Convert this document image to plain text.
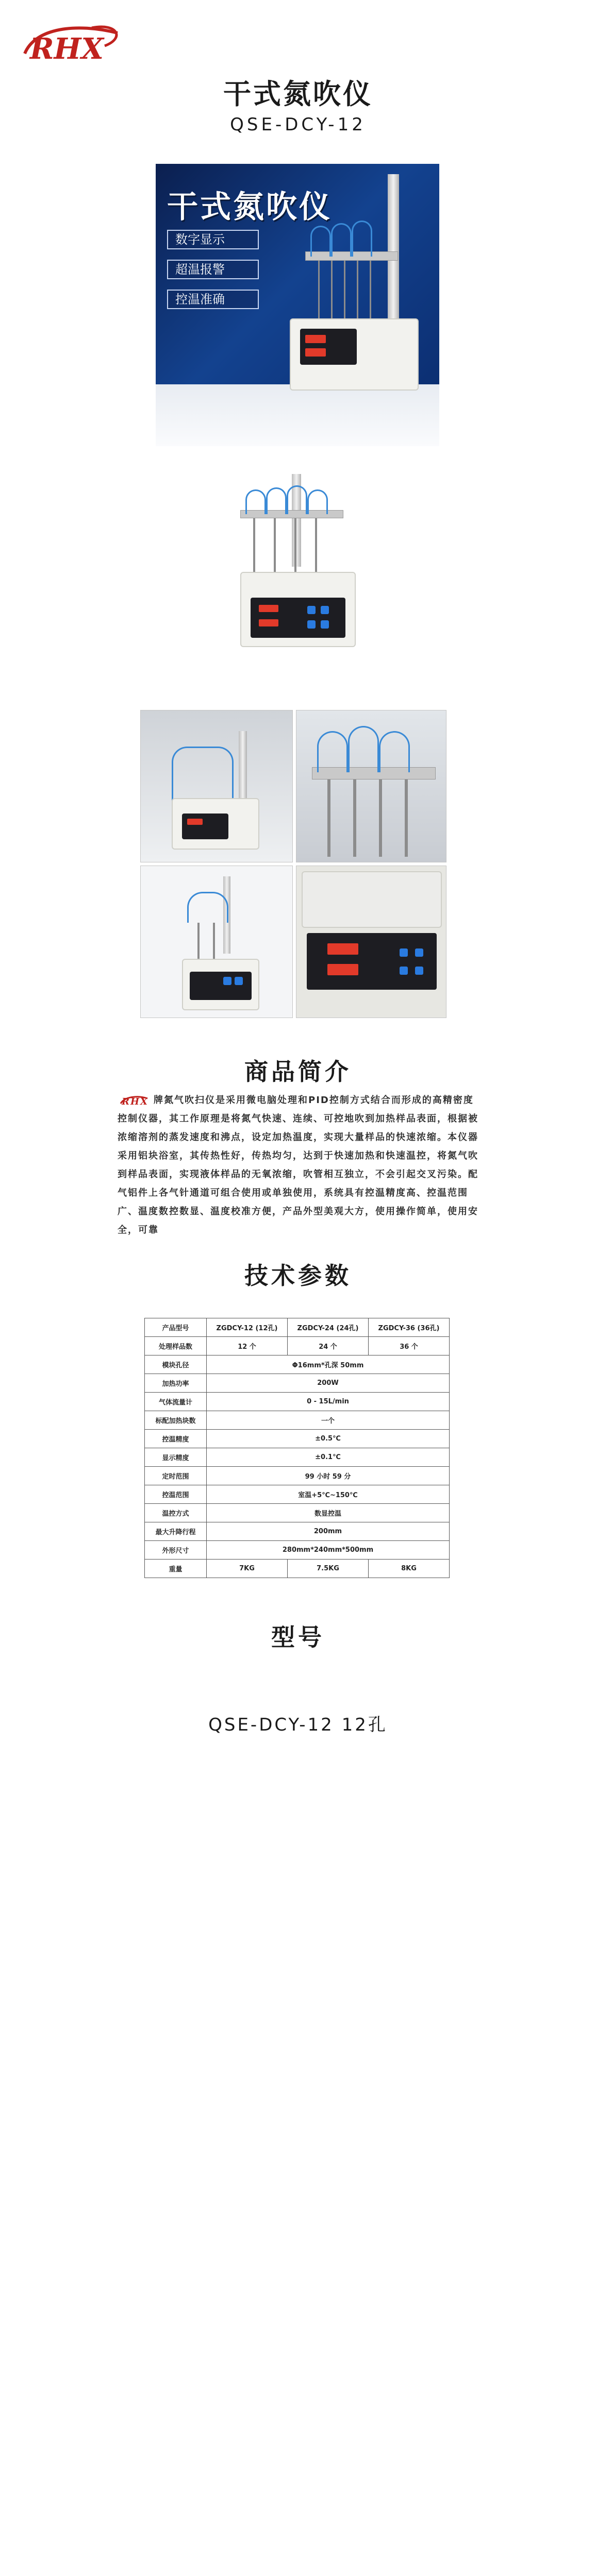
RHX
干式氮吹仪
QSE-DCY-12
干式氮吹仪
数字显示
超温报警
控温准确
商品简介
RHX 牌氮气吹扫仪是采用微电脑处理和PID控制方式结合而形成的高精密度控制仪器，其工作原理是将氮气快速、连续、可控地吹到加热样品表面，根据被浓缩溶剂的蒸发速度和沸点，设定加热温度，实现大量样品的快速浓缩。本仪器采用铝块浴室，其传热性好，传热均匀，达到于快速加热和快速温控，将氮气吹到样品表面，实现液体样品的无氧浓缩，吹管相互独立，不会引起交叉污染。配气铝件上各气针通道可组合使用或单独使用，系统具有控温精度高、控温范围广、温度数控数显、温度校准方便，产品外型美观大方，使用操作简单，使用安全，可靠
技术参数
产品型号	ZGDCY-12 (12孔)	ZGDCY-24 (24孔)	ZGDCY-36 (36孔)
处理样品数	12 个	24 个	36 个
模块孔径	Φ16mm*孔深 50mm		
加热功率	200W		
气体流量计	0 - 15L/min		
标配加热块数	一个		
控温精度	±0.5℃		
显示精度	±0.1℃		
定时范围	99 小时 59 分		
控温范围	室温+5℃~150℃		
温控方式	数显控温		
最大升降行程	200mm		
外形尺寸	280mm*240mm*500mm		
重量	7KG	7.5KG	8KG
型号
QSE-DCY-12 12孔
